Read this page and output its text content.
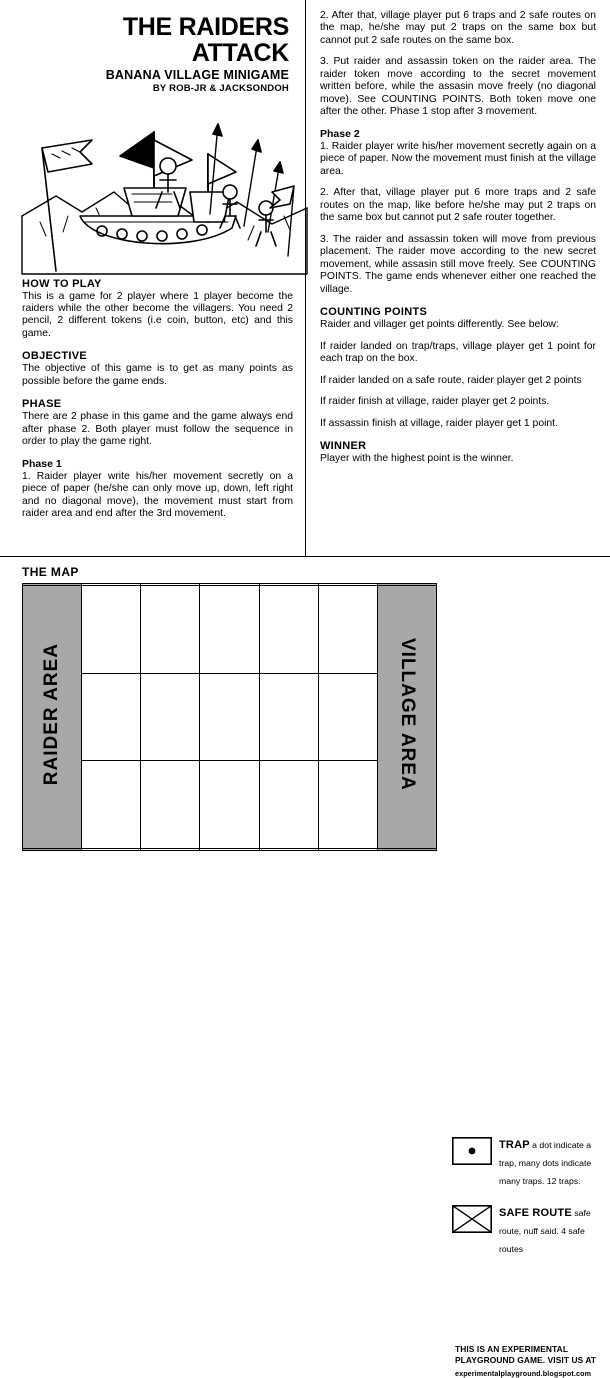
THE RAIDERS ATTACK
BANANA VILLAGE MINIGAME
BY ROB-JR & JACKSONDOH
HOW TO PLAY
This is a game for 2 player where 1 player become the raiders while the other become the villagers. You need 2 pencil, 2 different tokens (i.e coin, button, etc) and this game.
OBJECTIVE
The objective of this game is to get as many points as possible before the game ends.
PHASE
There are 2 phase in this game and the game always end after phase 2. Both player must follow the sequence in order to play the game right.
Phase 1
1. Raider player write his/her movement secretly on a piece of paper (he/she can only move up, down, left right and no diagonal move), the movement must start from raider area and end after the 3rd movement.
2. After that, village player put 6 traps and 2 safe routes on the map, he/she may put 2 traps on the same box but cannot put 2 safe routes on the same box.
3. Put raider and assassin token on the raider area. The raider token move according to the secret movement written before, while the assasin move freely (no diagonal move). See COUNTING POINTS. Both token move one after the other. Phase 1 stop after 3 movement.
Phase 2
1. Raider player write his/her movement secretly again on a piece of paper. Now the movement must finish at the village area.
2. After that, village player put 6 more traps and 2 safe routes on the map, like before he/she may put 2 traps on the same box but cannot put 2 safe router together.
3. The raider and assassin token will move from previous placement. The raider move according to the new secret movement, while assasin still move freely. See COUNTING POINTS. The game ends whenever either one reached the village.
COUNTING POINTS
Raider and villager get points differently. See below:
If raider landed on trap/traps, village player get 1 point for each trap on the box.
If raider landed on a safe route, raider player get 2 points
If raider finish at village, raider player get 2 points.
If assassin finish at village, raider player get 1 point.
WINNER
Player with the highest point is the winner.
THE MAP

RAIDER AREA						VILLAGE AREA

TRAP a dot indicate a trap, many dots indicate many traps. 12 traps.
SAFE ROUTE safe route, nuff said. 4 safe routes
THIS IS AN EXPERIMENTAL PLAYGROUND GAME. VISIT US AT
experimentalplayground.blogspot.com
